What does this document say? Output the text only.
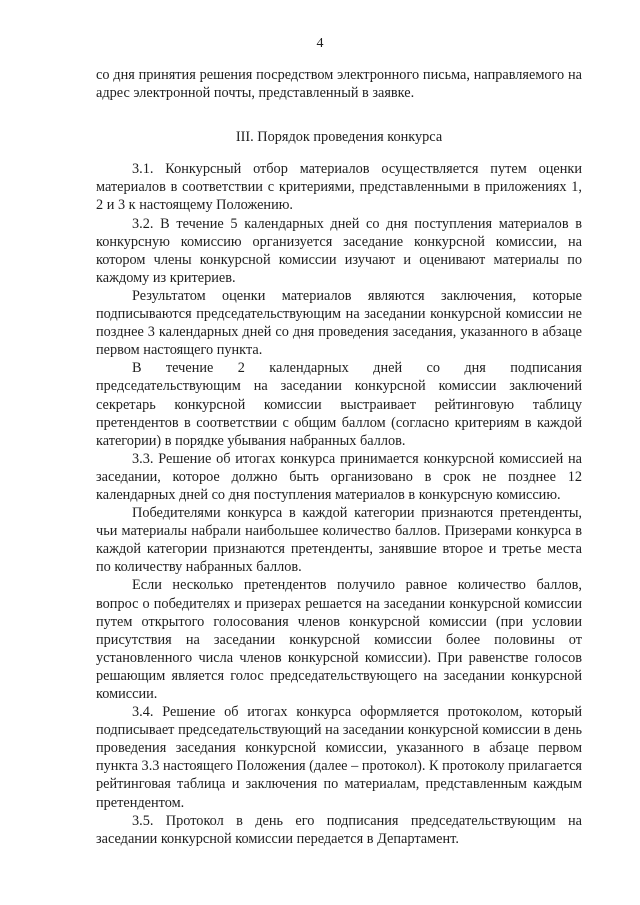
4

со дня принятия решения посредством электронного письма, направляемого на адрес электронной почты, представленный в заявке.

III. Порядок проведения конкурса

3.1. Конкурсный отбор материалов осуществляется путем оценки материалов в соответствии с критериями, представленными в приложениях 1, 2 и 3 к настоящему Положению.

3.2. В течение 5 календарных дней со дня поступления материалов в конкурсную комиссию организуется заседание конкурсной комиссии, на котором члены конкурсной комиссии изучают и оценивают материалы по каждому из критериев.

Результатом оценки материалов являются заключения, которые подписываются председательствующим на заседании конкурсной комиссии не позднее 3 календарных дней со дня проведения заседания, указанного в абзаце первом настоящего пункта.

В течение 2 календарных дней со дня подписания председательствующим на заседании конкурсной комиссии заключений секретарь конкурсной комиссии выстраивает рейтинговую таблицу претендентов в соответствии с общим баллом (согласно критериям в каждой категории) в порядке убывания набранных баллов.

3.3. Решение об итогах конкурса принимается конкурсной комиссией на заседании, которое должно быть организовано в срок не позднее 12 календарных дней со дня поступления материалов в конкурсную комиссию.

Победителями конкурса в каждой категории признаются претенденты, чьи материалы набрали наибольшее количество баллов. Призерами конкурса в каждой категории признаются претенденты, занявшие второе и третье места по количеству набранных баллов.

Если несколько претендентов получило равное количество баллов, вопрос о победителях и призерах решается на заседании конкурсной комиссии путем открытого голосования членов конкурсной комиссии (при условии присутствия на заседании конкурсной комиссии более половины от установленного числа членов конкурсной комиссии). При равенстве голосов решающим является голос председательствующего на заседании конкурсной комиссии.

3.4. Решение об итогах конкурса оформляется протоколом, который подписывает председательствующий на заседании конкурсной комиссии в день проведения заседания конкурсной комиссии, указанного в абзаце первом пункта 3.3 настоящего Положения (далее – протокол). К протоколу прилагается рейтинговая таблица и заключения по материалам, представленным каждым претендентом.

3.5. Протокол в день его подписания председательствующим на заседании конкурсной комиссии передается в Департамент.
